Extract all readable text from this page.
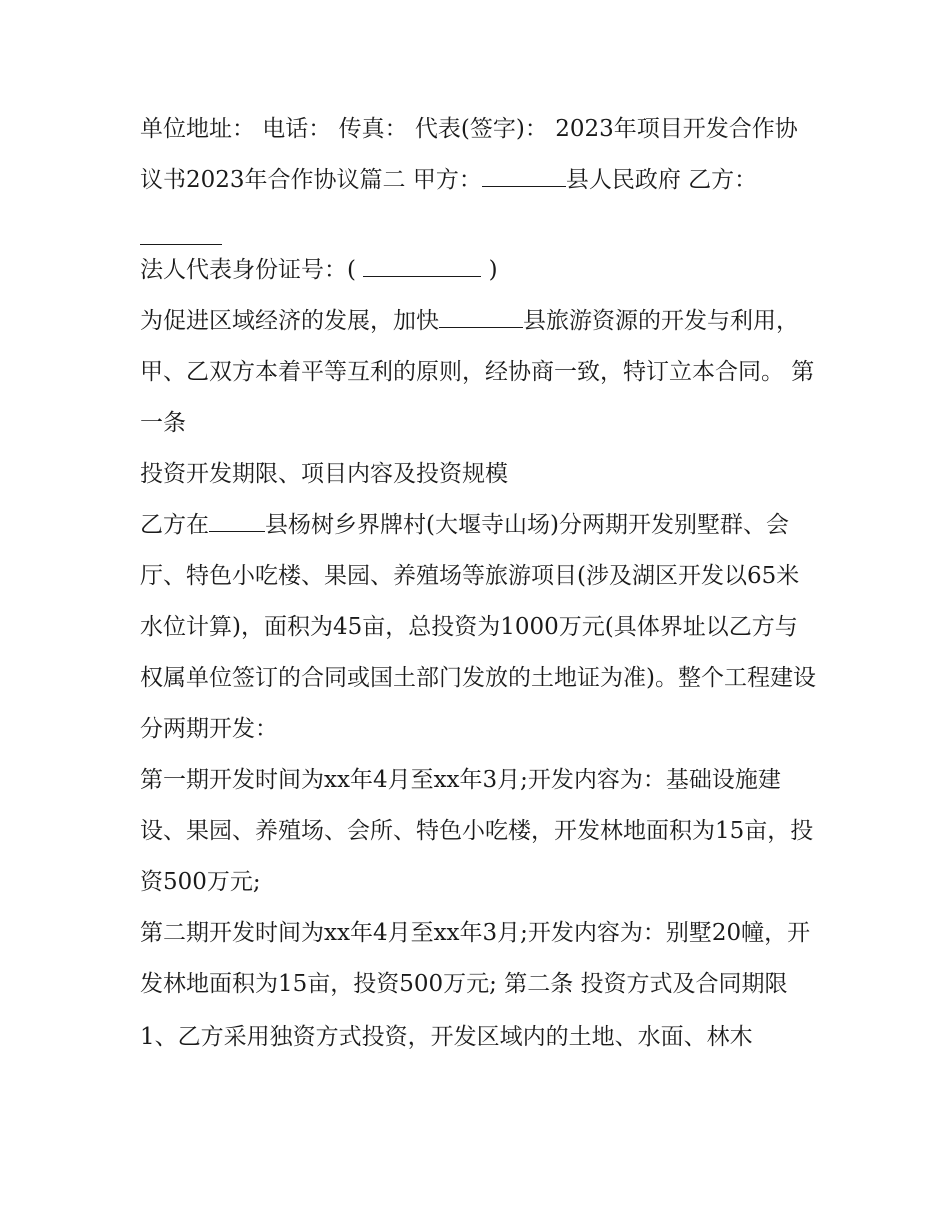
单位地址： 电话： 传真： 代表(签字)： 2023年项目开发合作协议书2023年合作协议篇二 甲方：	县人民政府 乙方：

法人代表身份证号：(	)

为促进区域经济的发展，加快	县旅游资源的开发与利用，甲、乙双方本着平等互利的原则，经协商一致，特订立本合同。 第一条

投资开发期限、项目内容及投资规模

乙方在 县杨树乡界牌村(大堰寺山场)分两期开发别墅群、会厅、特色小吃楼、果园、养殖场等旅游项目(涉及湖区开发以65米水位计算)，面积为45亩，总投资为1000万元(具体界址以乙方与权属单位签订的合同或国土部门发放的土地证为准)。整个工程建设分两期开发：

第一期开发时间为xx年4月至xx年3月;开发内容为：基础设施建设、果园、养殖场、会所、特色小吃楼，开发林地面积为15亩，投资500万元;

第二期开发时间为xx年4月至xx年3月;开发内容为：别墅20幢，开发林地面积为15亩，投资500万元; 第二条 投资方式及合同期限

1、乙方采用独资方式投资，开发区域内的土地、水面、林木
